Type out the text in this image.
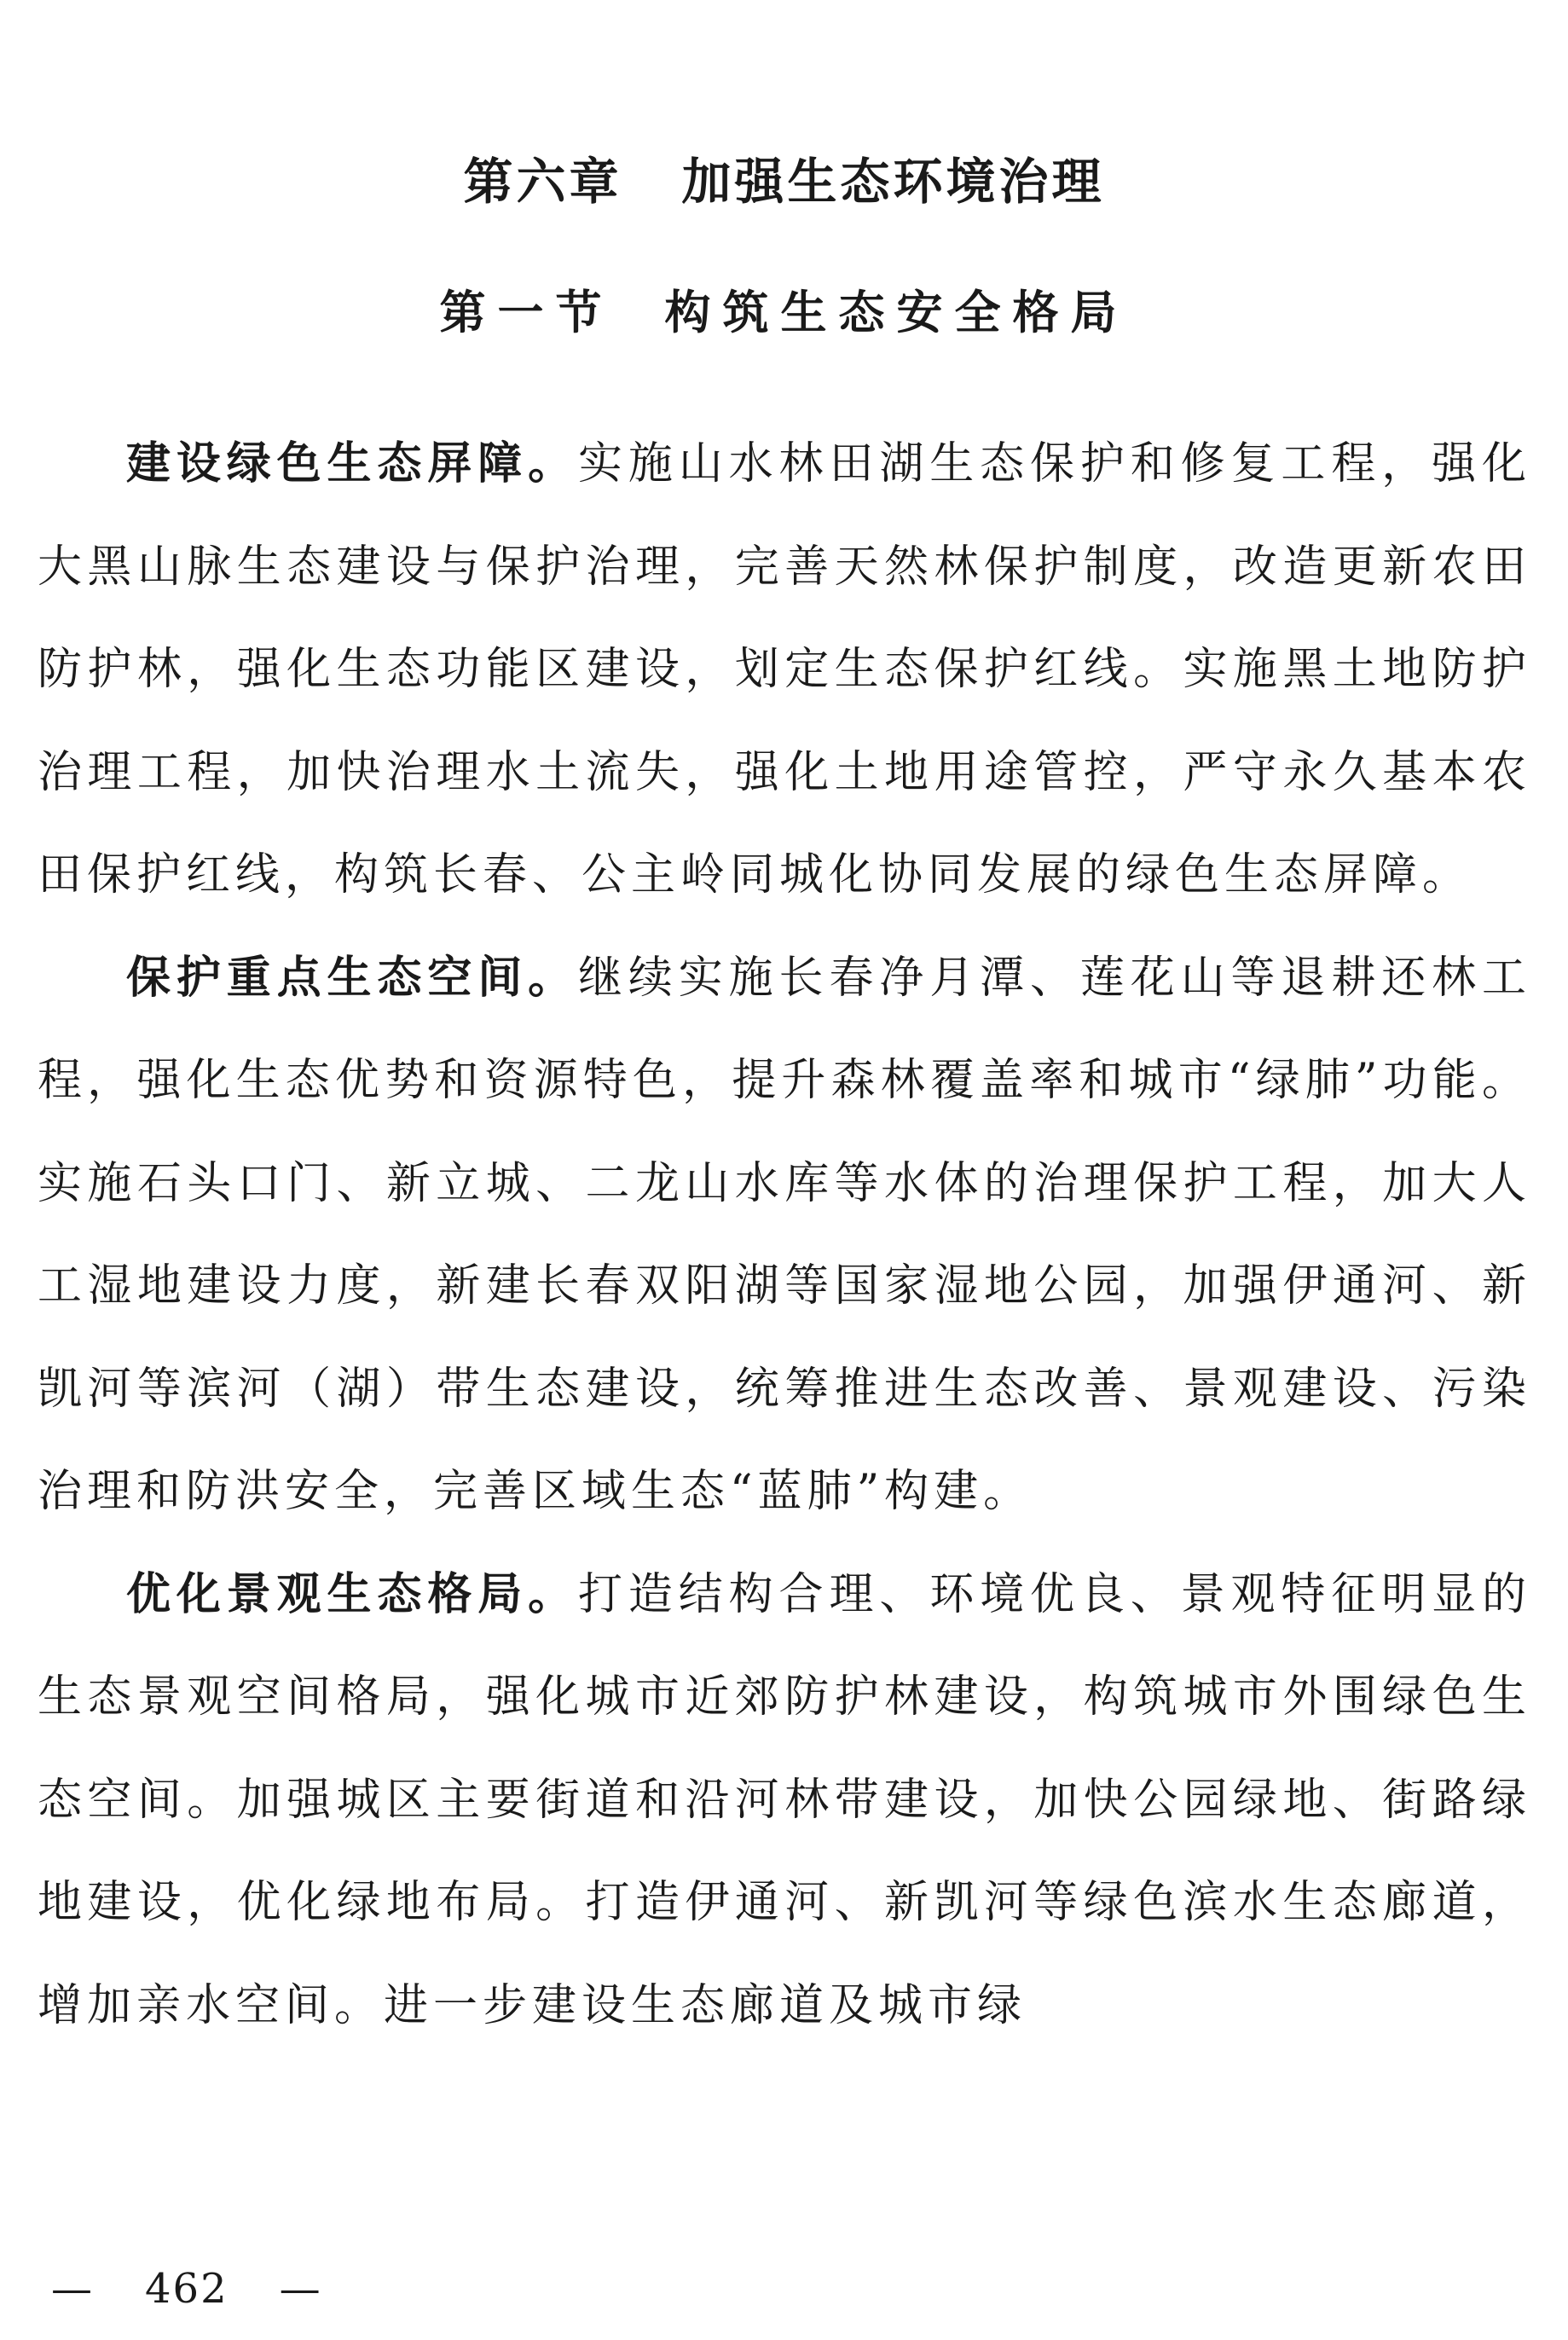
第六章 加强生态环境治理
第一节 构筑生态安全格局

建设绿色生态屏障。实施山水林田湖生态保护和修复工程，强化大黑山脉生态建设与保护治理，完善天然林保护制度，改造更新农田防护林，强化生态功能区建设，划定生态保护红线。实施黑土地防护治理工程，加快治理水土流失，强化土地用途管控，严守永久基本农田保护红线，构筑长春、公主岭同城化协同发展的绿色生态屏障。

保护重点生态空间。继续实施长春净月潭、莲花山等退耕还林工程，强化生态优势和资源特色，提升森林覆盖率和城市“绿肺”功能。实施石头口门、新立城、二龙山水库等水体的治理保护工程，加大人工湿地建设力度，新建长春双阳湖等国家湿地公园，加强伊通河、新凯河等滨河（湖）带生态建设，统筹推进生态改善、景观建设、污染治理和防洪安全，完善区域生态“蓝肺”构建。

优化景观生态格局。打造结构合理、环境优良、景观特征明显的生态景观空间格局，强化城市近郊防护林建设，构筑城市外围绿色生态空间。加强城区主要街道和沿河林带建设，加快公园绿地、街路绿地建设，优化绿地布局。打造伊通河、新凯河等绿色滨水生态廊道，增加亲水空间。进一步建设生态廊道及城市绿

— 462 —
